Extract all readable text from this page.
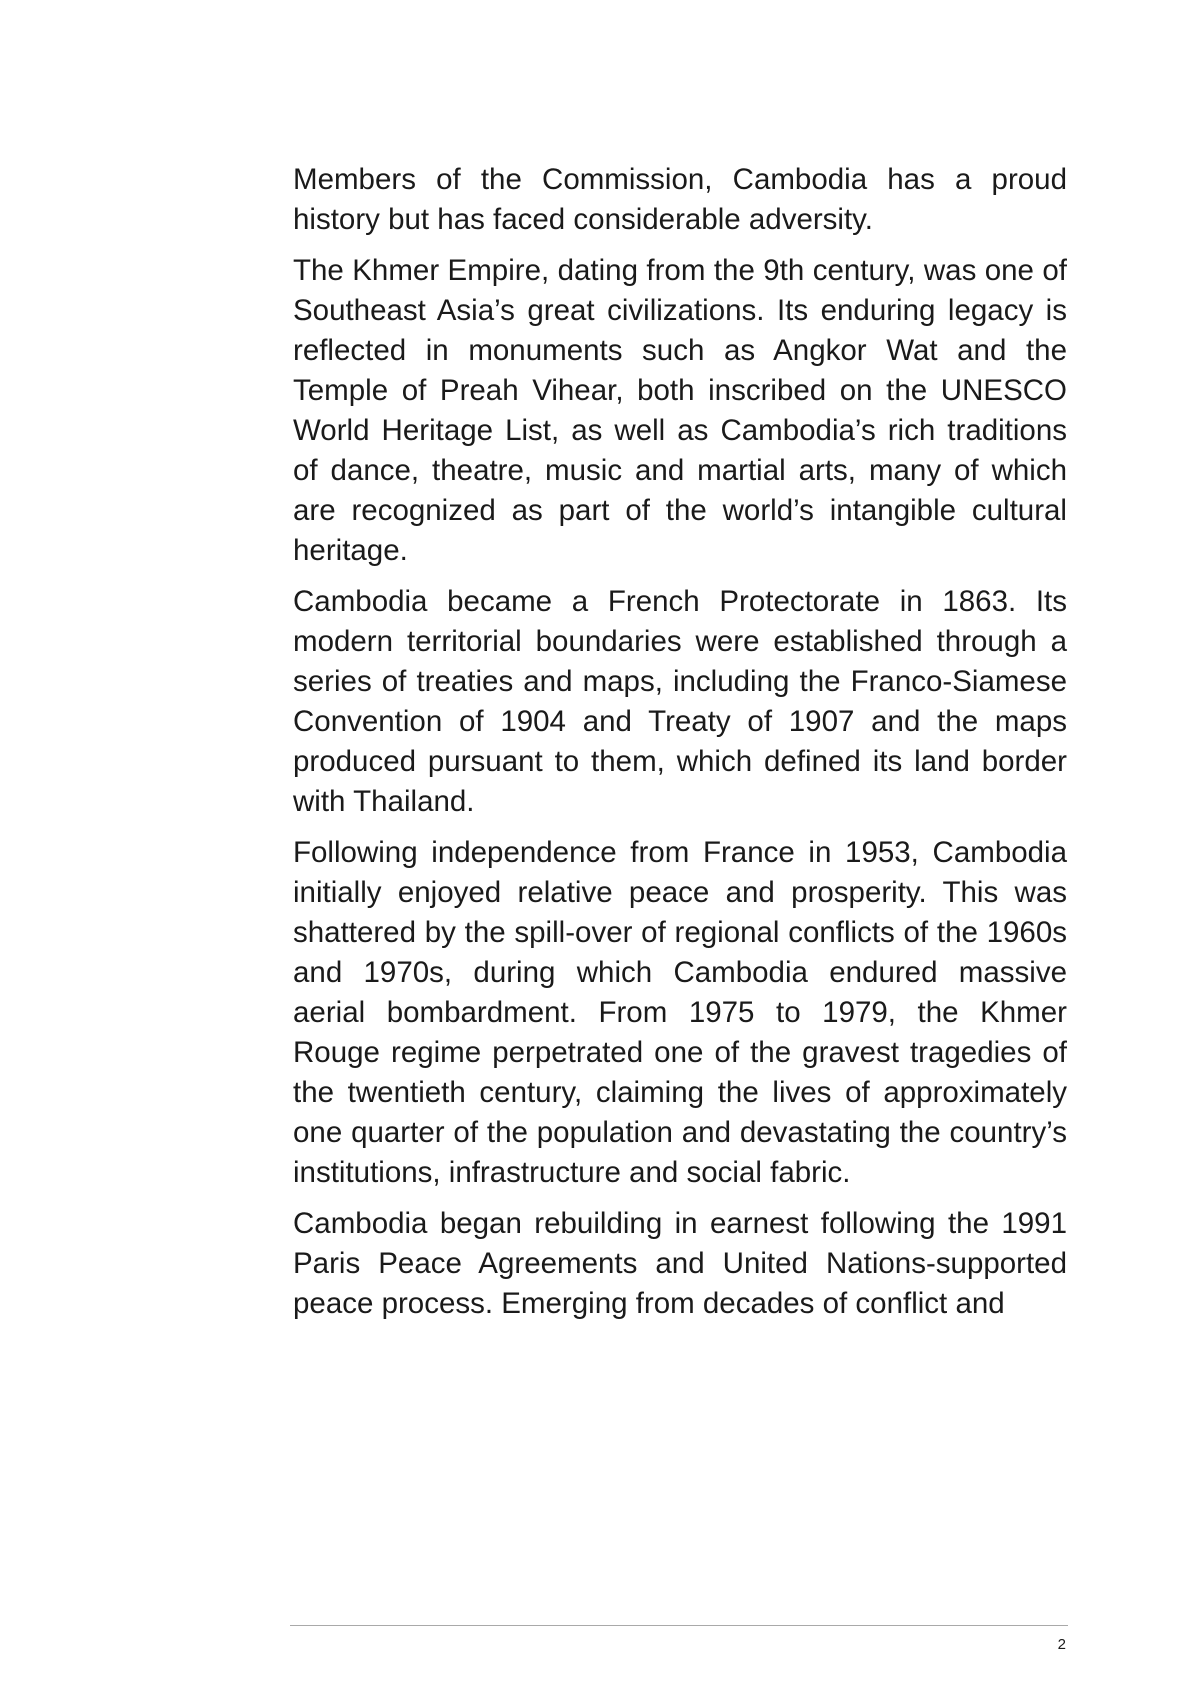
Members of the Commission, Cambodia has a proud history but has faced considerable adversity.

The Khmer Empire, dating from the 9th century, was one of Southeast Asia’s great civilizations. Its enduring legacy is reflected in monuments such as Angkor Wat and the Temple of Preah Vihear, both inscribed on the UNESCO World Heritage List, as well as Cambodia’s rich traditions of dance, theatre, music and martial arts, many of which are recognized as part of the world’s intangible cultural heritage.

Cambodia became a French Protectorate in 1863. Its modern territorial boundaries were established through a series of treaties and maps, including the Franco-Siamese Convention of 1904 and Treaty of 1907 and the maps produced pursuant to them, which defined its land border with Thailand.

Following independence from France in 1953, Cambodia initially enjoyed relative peace and prosperity. This was shattered by the spill-over of regional conflicts of the 1960s and 1970s, during which Cambodia endured massive aerial bombardment. From 1975 to 1979, the Khmer Rouge regime perpetrated one of the gravest tragedies of the twentieth century, claiming the lives of approximately one quarter of the population and devastating the country’s institutions, infrastructure and social fabric.

Cambodia began rebuilding in earnest following the 1991 Paris Peace Agreements and United Nations-supported peace process. Emerging from decades of conflict and

2
